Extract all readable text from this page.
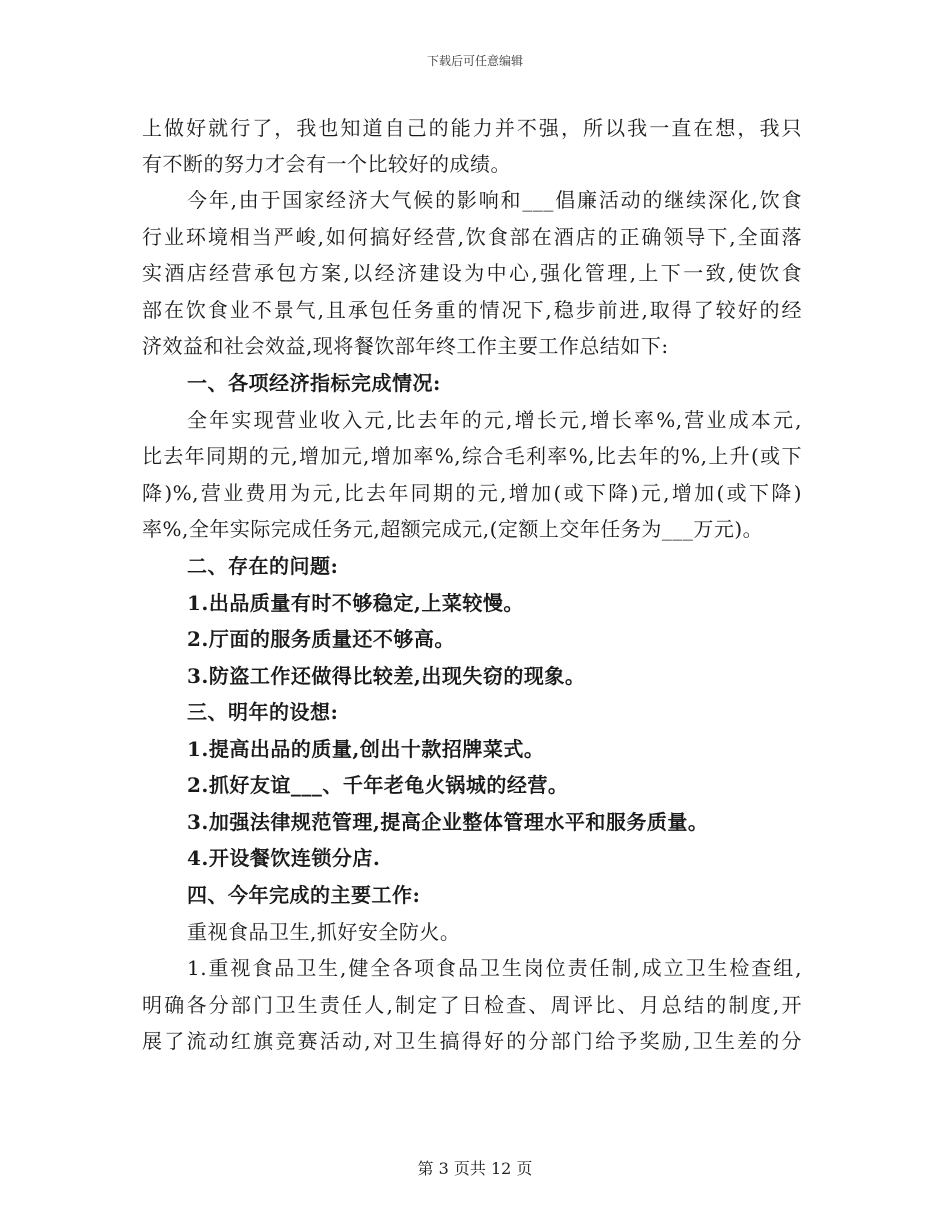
下载后可任意编辑
上做好就行了，我也知道自己的能力并不强，所以我一直在想，我只
有不断的努力才会有一个比较好的成绩。
今年,由于国家经济大气候的影响和___倡廉活动的继续深化,饮食
行业环境相当严峻,如何搞好经营,饮食部在酒店的正确领导下,全面落
实酒店经营承包方案,以经济建设为中心,强化管理,上下一致,使饮食
部在饮食业不景气,且承包任务重的情况下,稳步前进,取得了较好的经
济效益和社会效益,现将餐饮部年终工作主要工作总结如下:
一、各项经济指标完成情况:
全年实现营业收入元,比去年的元,增长元,增长率%,营业成本元,
比去年同期的元,增加元,增加率%,综合毛利率%,比去年的%,上升(或下
降)%,营业费用为元,比去年同期的元,增加(或下降)元,增加(或下降)
率%,全年实际完成任务元,超额完成元,(定额上交年任务为___万元)。
二、存在的问题:
1.出品质量有时不够稳定,上菜较慢。
2.厅面的服务质量还不够高。
3.防盗工作还做得比较差,出现失窃的现象。
三、明年的设想:
1.提高出品的质量,创出十款招牌菜式。
2.抓好友谊___、千年老龟火锅城的经营。
3.加强法律规范管理,提高企业整体管理水平和服务质量。
4.开设餐饮连锁分店.
四、今年完成的主要工作:
重视食品卫生,抓好安全防火。
1.重视食品卫生,健全各项食品卫生岗位责任制,成立卫生检查组,
明确各分部门卫生责任人,制定了日检查、周评比、月总结的制度,开
展了流动红旗竞赛活动,对卫生搞得好的分部门给予奖励,卫生差的分
第 3 页共 12 页
